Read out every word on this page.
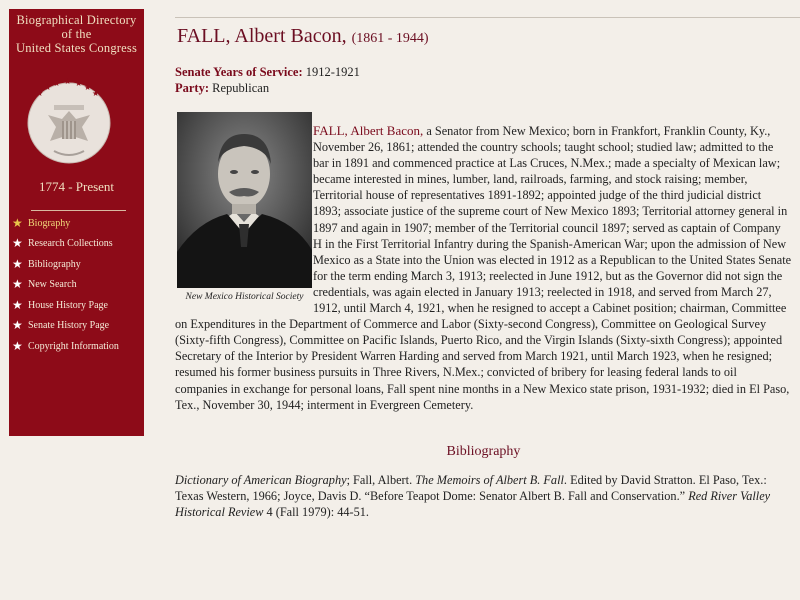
Biographical Directory
of the
United States Congress
★
★ ★ ★ ★ ★
★
1774 - Present
★ Biography
★ Research Collections
★ Bibliography
★ New Search
★ House History Page
★ Senate History Page
★ Copyright Information
FALL, Albert Bacon, (1861 - 1944)
Senate Years of Service: 1912-1921
Party: Republican
New Mexico Historical Society
FALL, Albert Bacon, a Senator from New Mexico; born in Frankfort, Franklin County, Ky., November 26, 1861; attended the country schools; taught school; studied law; admitted to the bar in 1891 and commenced practice at Las Cruces, N.Mex.; made a specialty of Mexican law; became interested in mines, lumber, land, railroads, farming, and stock raising; member, Territorial house of representatives 1891-1892; appointed judge of the third judicial district 1893; associate justice of the supreme court of New Mexico 1893; Territorial attorney general in 1897 and again in 1907; member of the Territorial council 1897; served as captain of Company H in the First Territorial Infantry during the Spanish-American War; upon the admission of New Mexico as a State into the Union was elected in 1912 as a Republican to the United States Senate for the term ending March 3, 1913; reelected in June 1912, but as the Governor did not sign the credentials, was again elected in January 1913; reelected in 1918, and served from March 27, 1912, until March 4, 1921, when he resigned to accept a Cabinet position; chairman, Committee on Expenditures in the Department of Commerce and Labor (Sixty-second Congress), Committee on Geological Survey (Sixty-fifth Congress), Committee on Pacific Islands, Puerto Rico, and the Virgin Islands (Sixty-sixth Congress); appointed Secretary of the Interior by President Warren Harding and served from March 1921, until March 1923, when he resigned; resumed his former business pursuits in Three Rivers, N.Mex.; convicted of bribery for leasing federal lands to oil companies in exchange for personal loans, Fall spent nine months in a New Mexico state prison, 1931-1932; died in El Paso, Tex., November 30, 1944; interment in Evergreen Cemetery.
Bibliography
Dictionary of American Biography; Fall, Albert. The Memoirs of Albert B. Fall. Edited by David Stratton. El Paso, Tex.: Texas Western, 1966; Joyce, Davis D. “Before Teapot Dome: Senator Albert B. Fall and Conservation.” Red River Valley Historical Review 4 (Fall 1979): 44-51.
